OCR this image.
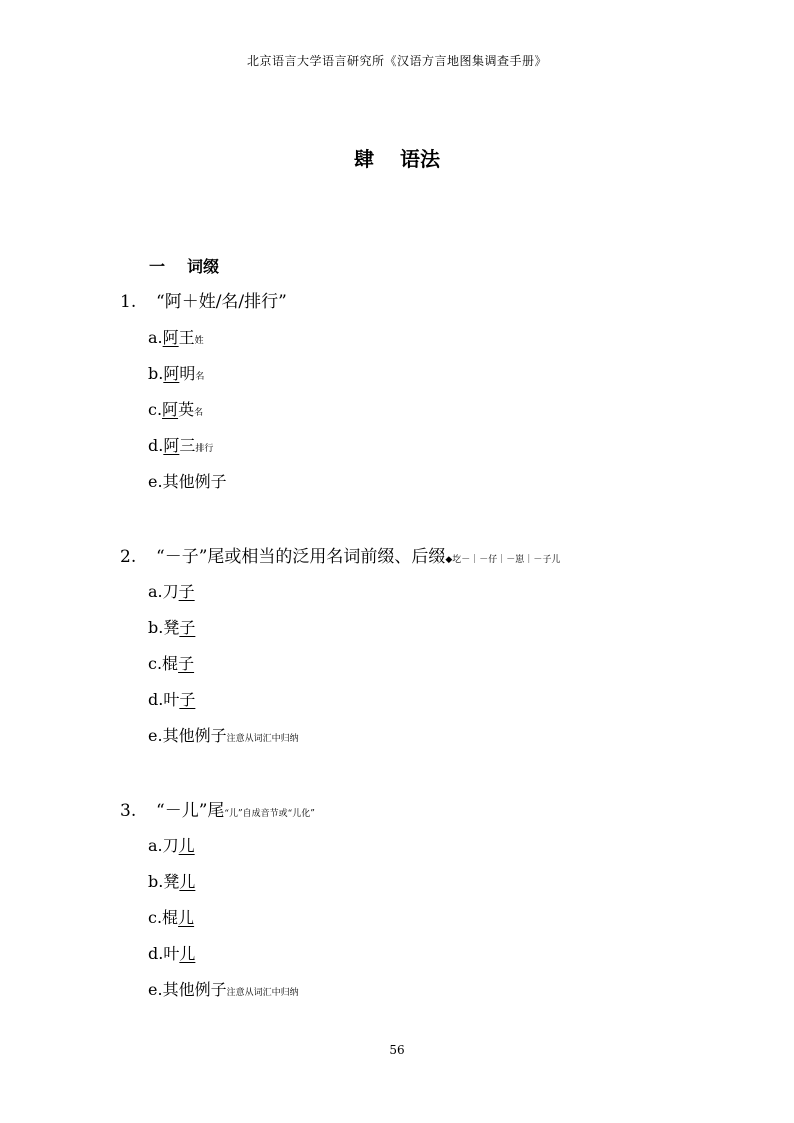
北京语言大学语言研究所《汉语方言地图集调查手册》
肆 语法
一 词缀
1. “阿＋姓/名/排行”
a.阿王姓
b.阿明名
c.阿英名
d.阿三排行
e.其他例子
2. “－子”尾或相当的泛用名词前缀、后缀◆圪－｜－仔｜－崽｜－子儿
a.刀子
b.凳子
c.棍子
d.叶子
e.其他例子注意从词汇中归纳
3. “－儿”尾“儿”自成音节或“儿化”
a.刀儿
b.凳儿
c.棍儿
d.叶儿
e.其他例子注意从词汇中归纳
56
